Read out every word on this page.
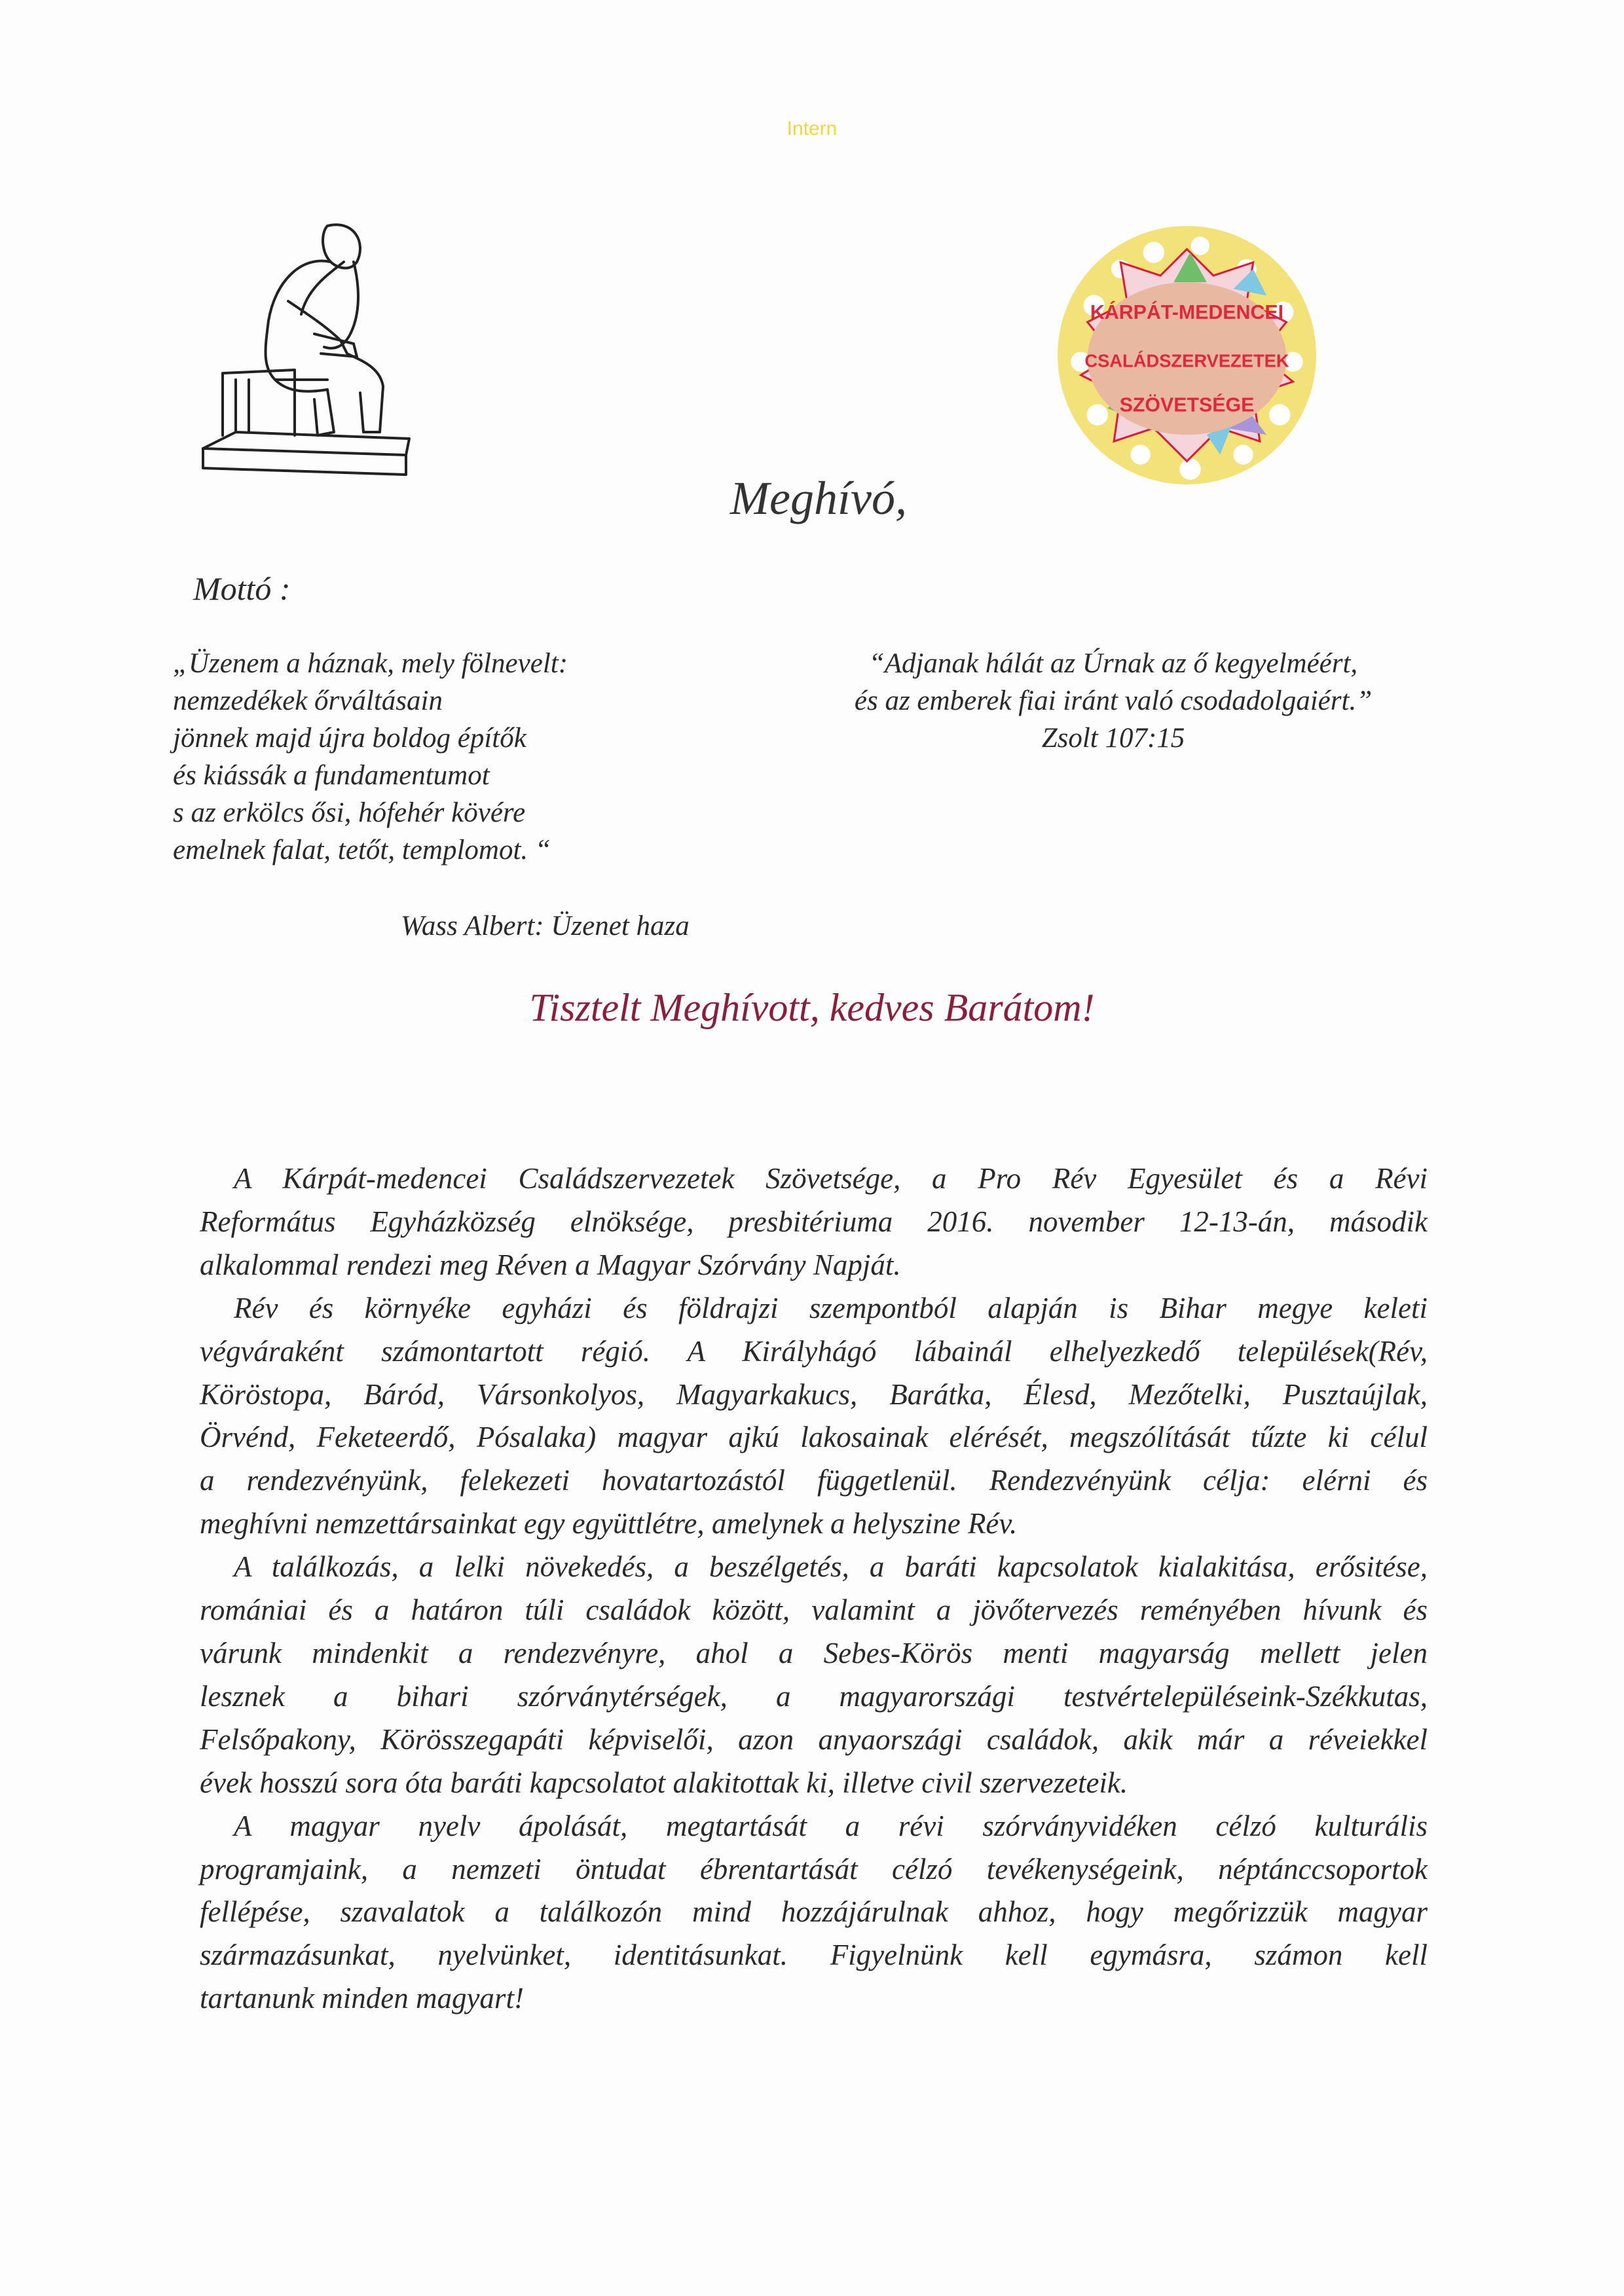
Intern
KÁRPÁT-MEDENCEI
CSALÁDSZERVEZETEK
SZÖVETSÉGE
Meghívó,
Mottó :
„Üzenem a háznak, mely fölnevelt:
nemzedékek őrváltásain
jönnek majd újra boldog építők
és kiássák a fundamentumot
s az erkölcs ősi, hófehér kövére
emelnek falat, tetőt, templomot. “
“Adjanak hálát az Úrnak az ő kegyelméért,
és az emberek fiai iránt való csodadolgaiért.”
Zsolt 107:15
Wass Albert: Üzenet haza
Tisztelt Meghívott, kedves Barátom!
A Kárpát-medencei Családszervezetek Szövetsége, a Pro Rév Egyesület és a Révi
Református Egyházközség elnöksége, presbitériuma 2016. november 12-13-án, második
alkalommal rendezi meg Réven a Magyar Szórvány Napját.
Rév és környéke egyházi és földrajzi szempontból alapján is Bihar megye keleti
végváraként számontartott régió. A Királyhágó lábainál elhelyezkedő települések(Rév,
Köröstopa, Báród, Vársonkolyos, Magyarkakucs, Barátka, Élesd, Mezőtelki, Pusztaújlak,
Örvénd, Feketeerdő, Pósalaka) magyar ajkú lakosainak elérését, megszólítását tűzte ki célul
a rendezvényünk, felekezeti hovatartozástól függetlenül. Rendezvényünk célja: elérni és
meghívni nemzettársainkat egy együttlétre, amelynek a helyszine Rév.
A találkozás, a lelki növekedés, a beszélgetés, a baráti kapcsolatok kialakitása, erősitése,
romániai és a határon túli családok között, valamint a jövőtervezés reményében hívunk és
várunk mindenkit a rendezvényre, ahol a Sebes-Körös menti magyarság mellett jelen
lesznek a bihari szórványtérségek, a magyarországi testvértelepüléseink-Székkutas,
Felsőpakony, Körösszegapáti képviselői, azon anyaországi családok, akik már a réveiekkel
évek hosszú sora óta baráti kapcsolatot alakitottak ki, illetve civil szervezeteik.
A magyar nyelv ápolását, megtartását a révi szórványvidéken célzó kulturális
programjaink, a nemzeti öntudat ébrentartását célzó tevékenységeink, néptánccsoportok
fellépése, szavalatok a találkozón mind hozzájárulnak ahhoz, hogy megőrizzük magyar
származásunkat, nyelvünket, identitásunkat. Figyelnünk kell egymásra, számon kell
tartanunk minden magyart!
